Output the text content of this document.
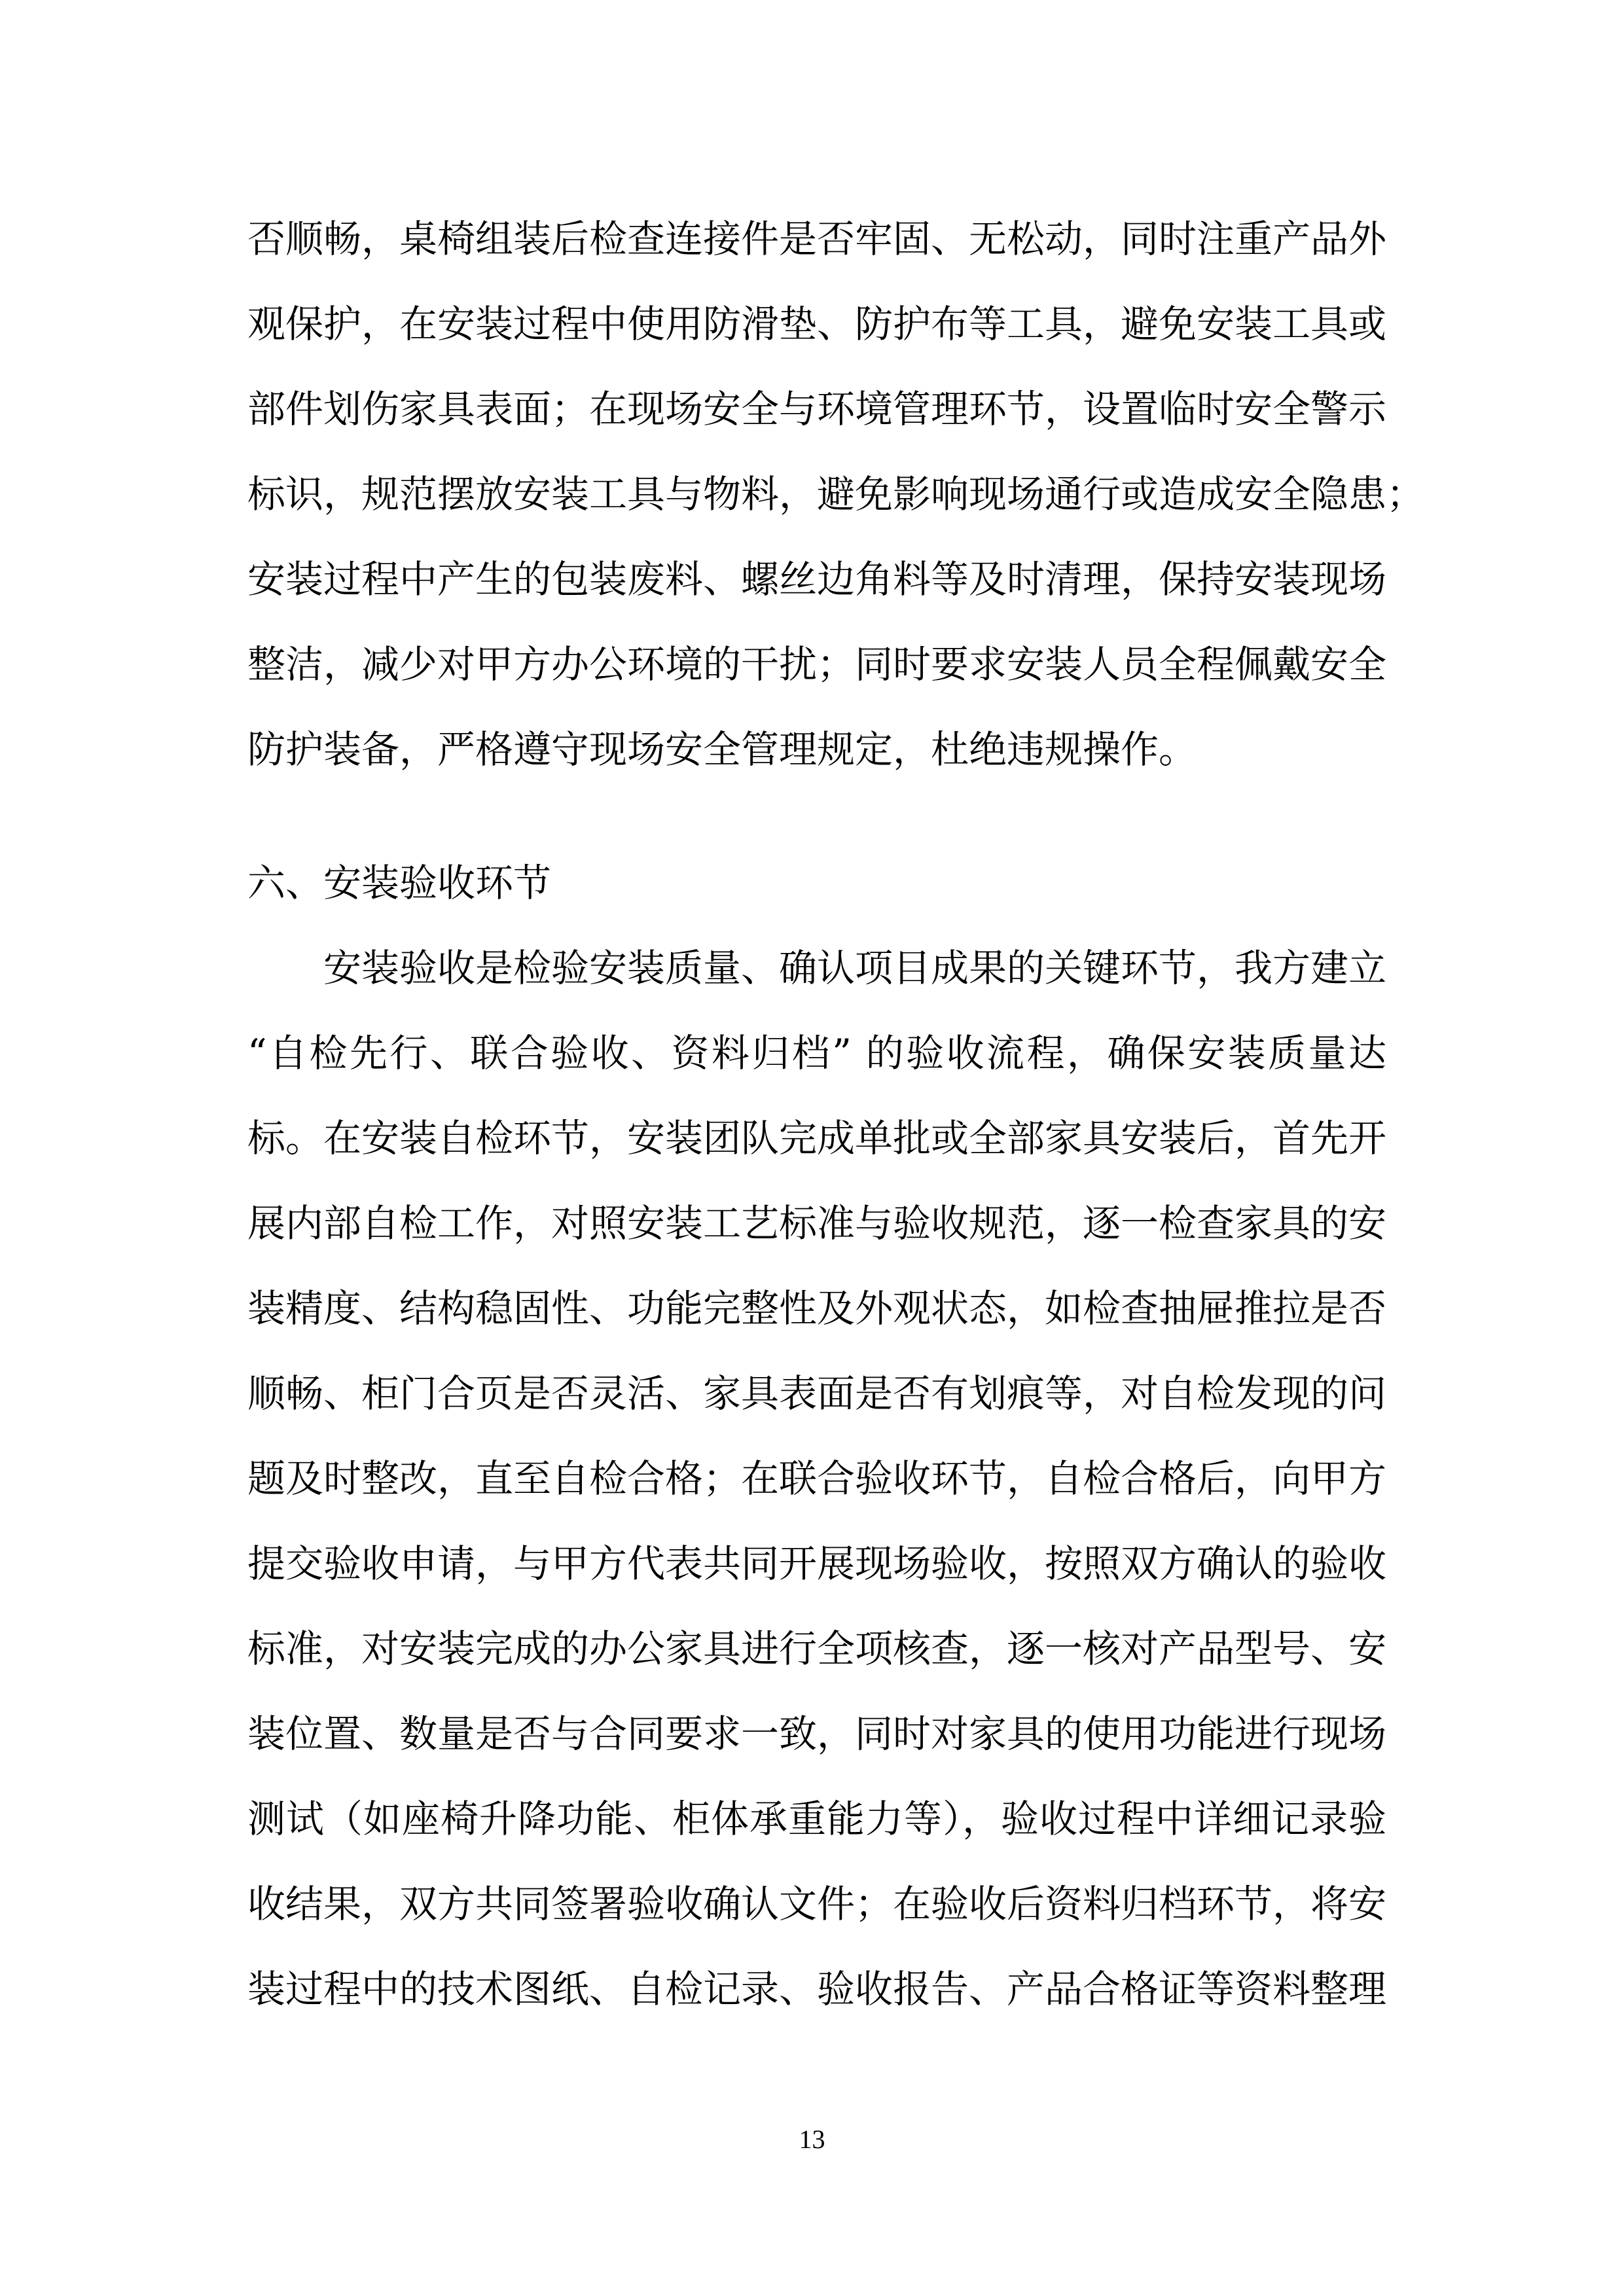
否顺畅，桌椅组装后检查连接件是否牢固、无松动，同时注重产品外
观保护，在安装过程中使用防滑垫、防护布等工具，避免安装工具或
部件划伤家具表面；在现场安全与环境管理环节，设置临时安全警示
标识，规范摆放安装工具与物料，避免影响现场通行或造成安全隐患；
安装过程中产生的包装废料、螺丝边角料等及时清理，保持安装现场
整洁，减少对甲方办公环境的干扰；同时要求安装人员全程佩戴安全
防护装备，严格遵守现场安全管理规定，杜绝违规操作。
六、安装验收环节
安装验收是检验安装质量、确认项目成果的关键环节，我方建立
“自检先行、联合验收、资料归档” 的验收流程，确保安装质量达
标。在安装自检环节，安装团队完成单批或全部家具安装后，首先开
展内部自检工作，对照安装工艺标准与验收规范，逐一检查家具的安
装精度、结构稳固性、功能完整性及外观状态，如检查抽屉推拉是否
顺畅、柜门合页是否灵活、家具表面是否有划痕等，对自检发现的问
题及时整改，直至自检合格；在联合验收环节，自检合格后，向甲方
提交验收申请，与甲方代表共同开展现场验收，按照双方确认的验收
标准，对安装完成的办公家具进行全项核查，逐一核对产品型号、安
装位置、数量是否与合同要求一致，同时对家具的使用功能进行现场
测试（如座椅升降功能、柜体承重能力等），验收过程中详细记录验
收结果，双方共同签署验收确认文件；在验收后资料归档环节，将安
装过程中的技术图纸、自检记录、验收报告、产品合格证等资料整理
13
